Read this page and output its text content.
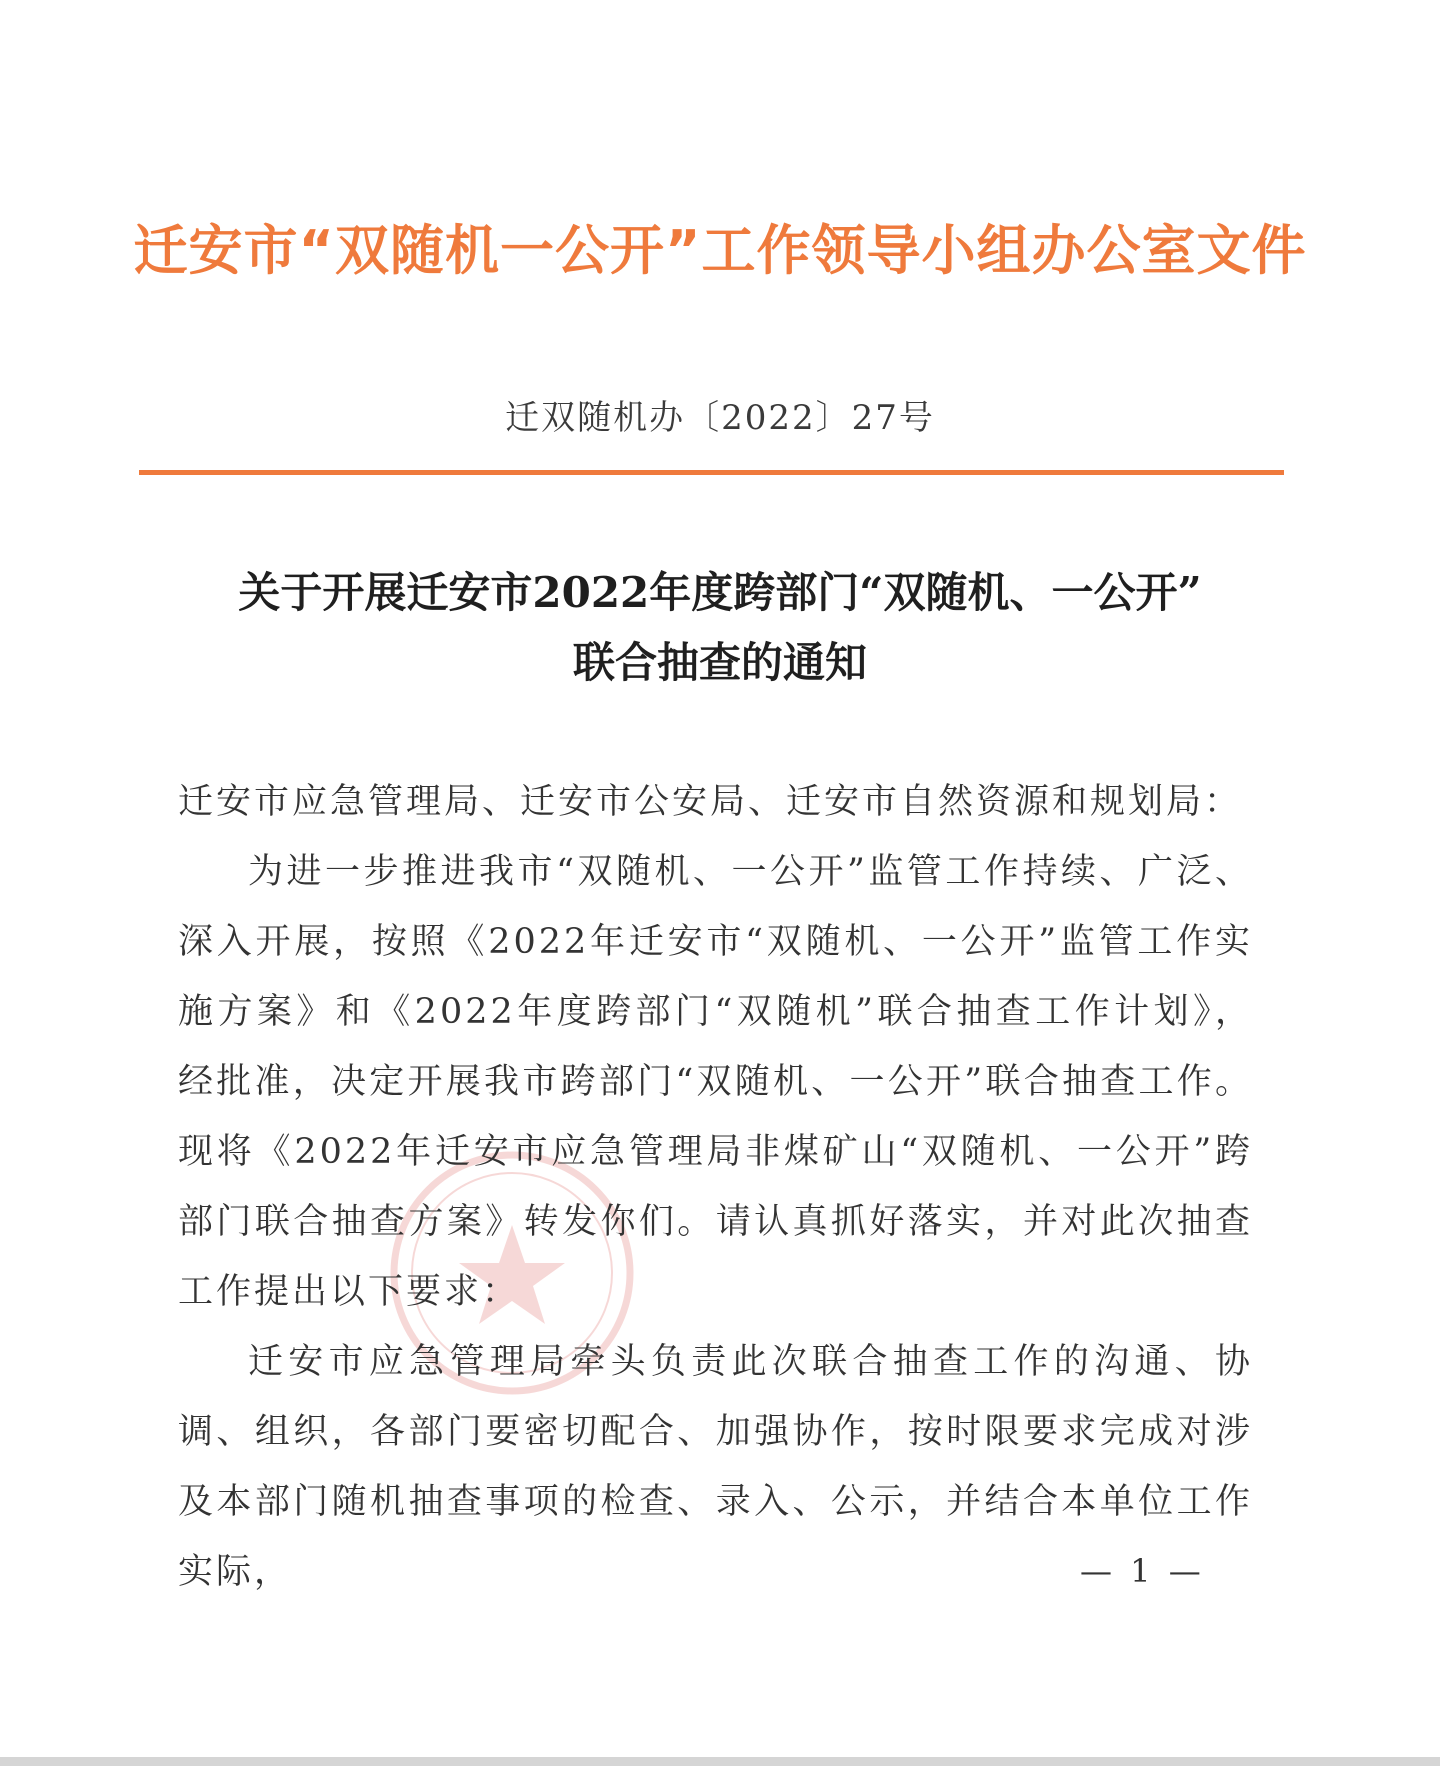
迁安市“双随机一公开”工作领导小组办公室文件
迁双随机办〔2022〕27号
关于开展迁安市2022年度跨部门“双随机、一公开”
联合抽查的通知

迁安市应急管理局、迁安市公安局、迁安市自然资源和规划局：

为进一步推进我市“双随机、一公开”监管工作持续、广泛、深入开展，按照《2022年迁安市“双随机、一公开”监管工作实施方案》和《2022年度跨部门“双随机”联合抽查工作计划》，经批准，决定开展我市跨部门“双随机、一公开”联合抽查工作。现将《2022年迁安市应急管理局非煤矿山“双随机、一公开”跨部门联合抽查方案》转发你们。请认真抓好落实，并对此次抽查工作提出以下要求：

迁安市应急管理局牵头负责此次联合抽查工作的沟通、协调、组织，各部门要密切配合、加强协作，按时限要求完成对涉及本部门随机抽查事项的检查、录入、公示，并结合本单位工作实际，	— 1 —
